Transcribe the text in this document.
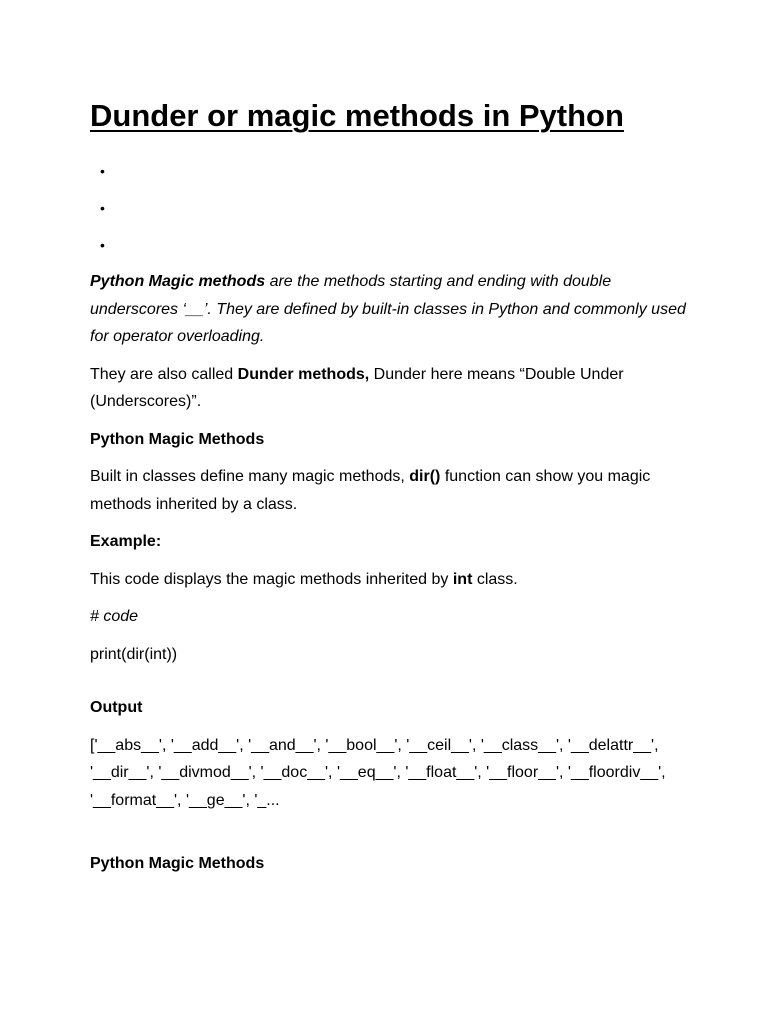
Dunder or magic methods in Python
•
•
•

Python Magic methods are the methods starting and ending with double underscores ‘__’. They are defined by built-in classes in Python and commonly used for operator overloading.

They are also called Dunder methods, Dunder here means “Double Under (Underscores)”.

Python Magic Methods

Built in classes define many magic methods, dir() function can show you magic methods inherited by a class.

Example:

This code displays the magic methods inherited by int class.

# code

print(dir(int))

Output

['__abs__', '__add__', '__and__', '__bool__', '__ceil__', '__class__', '__delattr__', '__dir__', '__divmod__', '__doc__', '__eq__', '__float__', '__floor__', '__floordiv__', '__format__', '__ge__', '_...

Python Magic Methods
